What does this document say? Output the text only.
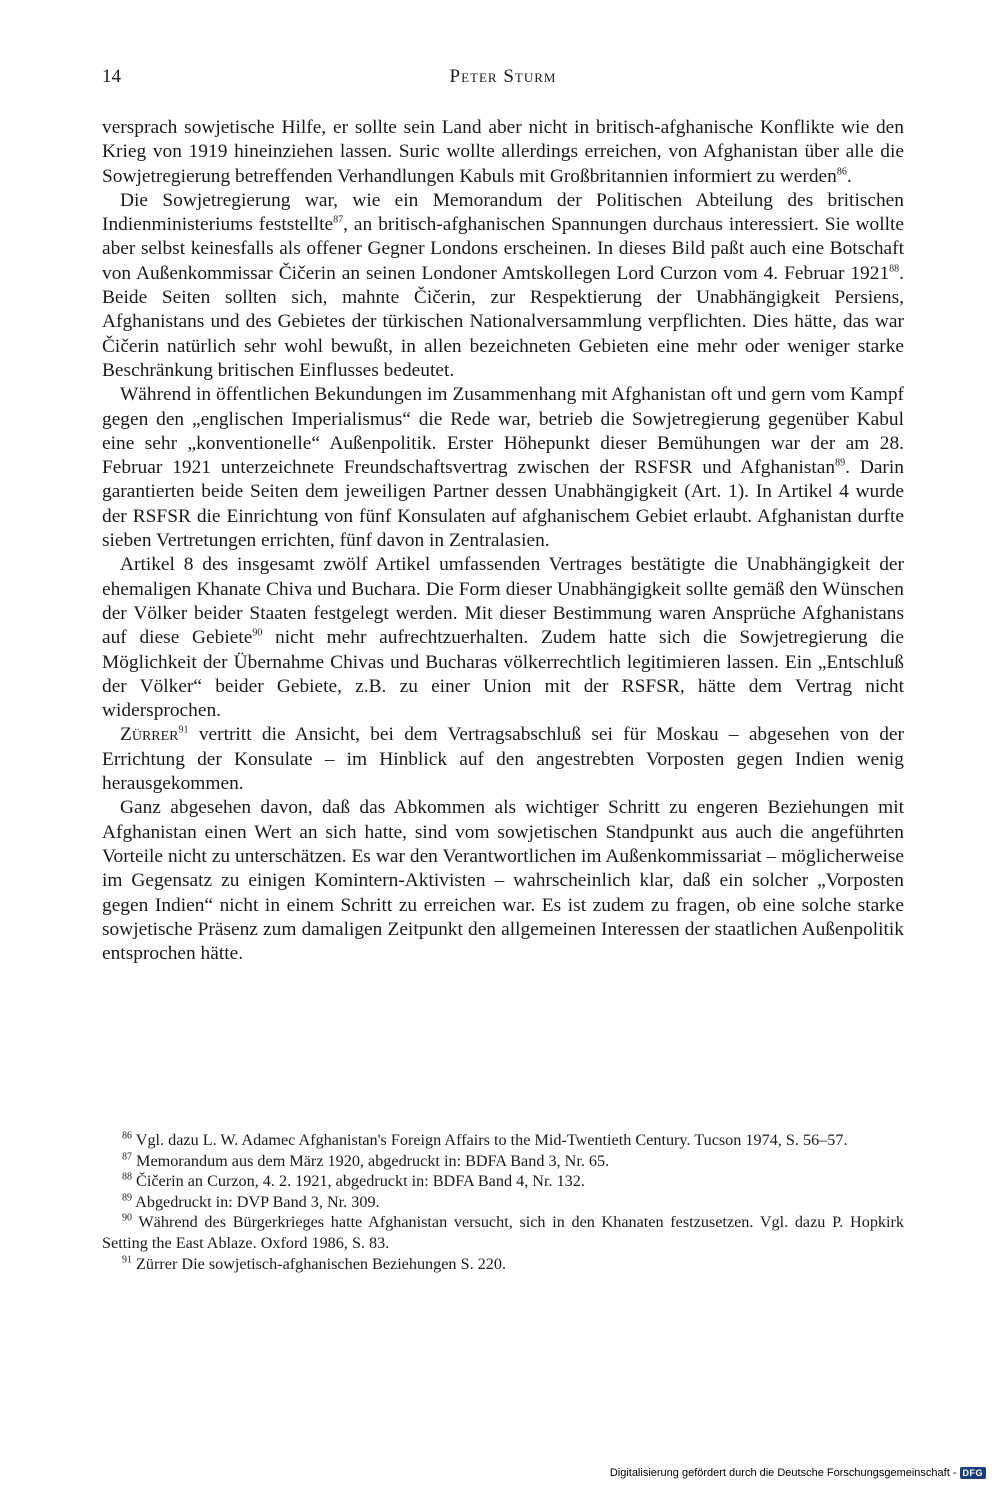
14	Peter Sturm

versprach sowjetische Hilfe, er sollte sein Land aber nicht in britisch-afghanische Konflikte wie den Krieg von 1919 hineinziehen lassen. Suric wollte allerdings erreichen, von Afghanistan über alle die Sowjetregierung betreffenden Verhandlungen Kabuls mit Großbritannien informiert zu werden$^{86}$.

Die Sowjetregierung war, wie ein Memorandum der Politischen Abteilung des britischen Indienministeriums feststellte$^{87}$, an britisch-afghanischen Spannungen durchaus interessiert. Sie wollte aber selbst keinesfalls als offener Gegner Londons erscheinen. In dieses Bild paßt auch eine Botschaft von Außenkommissar Čičerin an seinen Londoner Amtskollegen Lord Curzon vom 4. Februar 1921$^{88}$. Beide Seiten sollten sich, mahnte Čičerin, zur Respektierung der Unabhängigkeit Persiens, Afghanistans und des Gebietes der türkischen Nationalversammlung verpflichten. Dies hätte, das war Čičerin natürlich sehr wohl bewußt, in allen bezeichneten Gebieten eine mehr oder weniger starke Beschränkung britischen Einflusses bedeutet.

Während in öffentlichen Bekundungen im Zusammenhang mit Afghanistan oft und gern vom Kampf gegen den „englischen Imperialismus“ die Rede war, betrieb die Sowjetregierung gegenüber Kabul eine sehr „konventionelle“ Außenpolitik. Erster Höhepunkt dieser Bemühungen war der am 28. Februar 1921 unterzeichnete Freundschaftsvertrag zwischen der RSFSR und Afghanistan$^{89}$. Darin garantierten beide Seiten dem jeweiligen Partner dessen Unabhängigkeit (Art. 1). In Artikel 4 wurde der RSFSR die Einrichtung von fünf Konsulaten auf afghanischem Gebiet erlaubt. Afghanistan durfte sieben Vertretungen errichten, fünf davon in Zentralasien.

Artikel 8 des insgesamt zwölf Artikel umfassenden Vertrages bestätigte die Unabhängigkeit der ehemaligen Khanate Chiva und Buchara. Die Form dieser Unabhängigkeit sollte gemäß den Wünschen der Völker beider Staaten festgelegt werden. Mit dieser Bestimmung waren Ansprüche Afghanistans auf diese Gebiete$^{90}$ nicht mehr aufrechtzuerhalten. Zudem hatte sich die Sowjetregierung die Möglichkeit der Übernahme Chivas und Bucharas völkerrechtlich legitimieren lassen. Ein „Entschluß der Völker“ beider Gebiete, z.B. zu einer Union mit der RSFSR, hätte dem Vertrag nicht widersprochen.

Zürrer$^{91}$ vertritt die Ansicht, bei dem Vertragsabschluß sei für Moskau – abgesehen von der Errichtung der Konsulate – im Hinblick auf den angestrebten Vorposten gegen Indien wenig herausgekommen.

Ganz abgesehen davon, daß das Abkommen als wichtiger Schritt zu engeren Beziehungen mit Afghanistan einen Wert an sich hatte, sind vom sowjetischen Standpunkt aus auch die angeführten Vorteile nicht zu unterschätzen. Es war den Verantwortlichen im Außenkommissariat – möglicherweise im Gegensatz zu einigen Komintern-Aktivisten – wahrscheinlich klar, daß ein solcher „Vorposten gegen Indien“ nicht in einem Schritt zu erreichen war. Es ist zudem zu fragen, ob eine solche starke sowjetische Präsenz zum damaligen Zeitpunkt den allgemeinen Interessen der staatlichen Außenpolitik entsprochen hätte.

$^{86}$ Vgl. dazu L. W. Adamec Afghanistan's Foreign Affairs to the Mid-Twentieth Century. Tucson 1974, S. 56–57.

$^{87}$ Memorandum aus dem März 1920, abgedruckt in: BDFA Band 3, Nr. 65.

$^{88}$ Čičerin an Curzon, 4. 2. 1921, abgedruckt in: BDFA Band 4, Nr. 132.

$^{89}$ Abgedruckt in: DVP Band 3, Nr. 309.

$^{90}$ Während des Bürgerkrieges hatte Afghanistan versucht, sich in den Khanaten festzusetzen. Vgl. dazu P. Hopkirk Setting the East Ablaze. Oxford 1986, S. 83.

$^{91}$ Zürrer Die sowjetisch-afghanischen Beziehungen S. 220.

Digitalisierung gefördert durch die Deutsche Forschungsgemeinschaft - DFG
